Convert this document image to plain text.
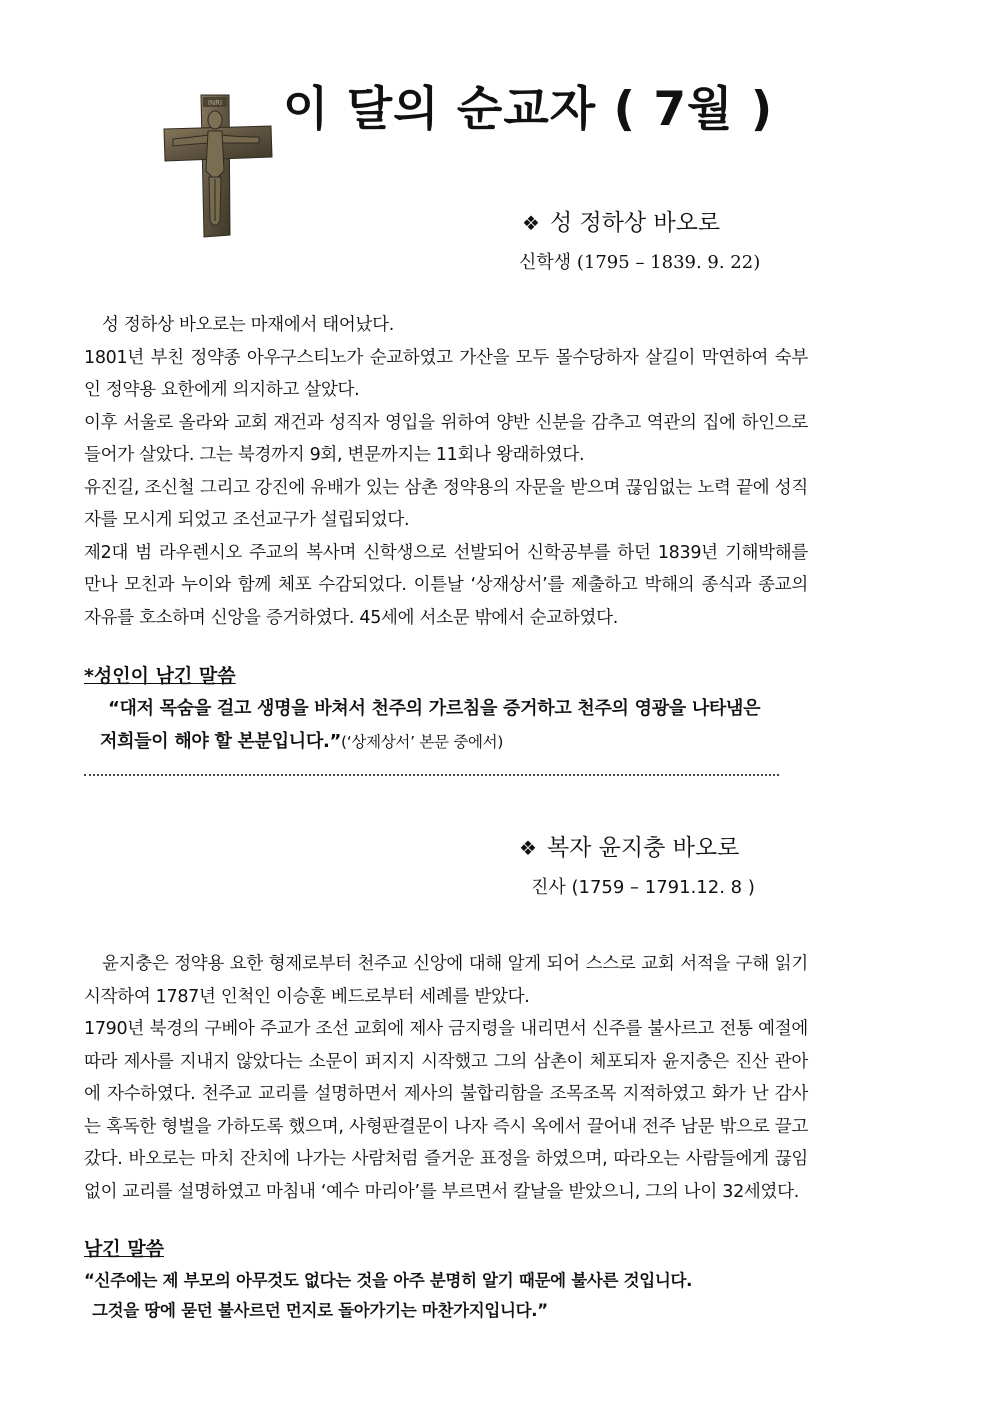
INRI 이 달의 순교자 ( 7월 )
❖ 성 정하상 바오로
신학생 (1795 – 1839. 9. 22)

성 정하상 바오로는 마재에서 태어났다.

1801년 부친 정약종 아우구스티노가 순교하였고 가산을 모두 몰수당하자 살길이 막연하여 숙부인 정약용 요한에게 의지하고 살았다.

이후 서울로 올라와 교회 재건과 성직자 영입을 위하여 양반 신분을 감추고 역관의 집에 하인으로 들어가 살았다. 그는 북경까지 9회, 변문까지는 11회나 왕래하였다.

유진길, 조신철 그리고 강진에 유배가 있는 삼촌 정약용의 자문을 받으며 끊임없는 노력 끝에 성직자를 모시게 되었고 조선교구가 설립되었다.

제2대 범 라우렌시오 주교의 복사며 신학생으로 선발되어 신학공부를 하던 1839년 기해박해를 만나 모친과 누이와 함께 체포 수감되었다. 이튿날 ‘상재상서’를 제출하고 박해의 종식과 종교의 자유를 호소하며 신앙을 증거하였다. 45세에 서소문 밖에서 순교하였다.

*성인이 남긴 말씀
“대저 목숨을 걸고 생명을 바쳐서 천주의 가르침을 증거하고 천주의 영광을 나타냄은
저희들이 해야 할 본분입니다.”(‘상제상서’ 본문 중에서)
❖ 복자 윤지충 바오로
진사 (1759 – 1791.12. 8 )

윤지충은 정약용 요한 형제로부터 천주교 신앙에 대해 알게 되어 스스로 교회 서적을 구해 읽기 시작하여 1787년 인척인 이승훈 베드로부터 세례를 받았다.

1790년 북경의 구베아 주교가 조선 교회에 제사 금지령을 내리면서 신주를 불사르고 전통 예절에 따라 제사를 지내지 않았다는 소문이 퍼지지 시작했고 그의 삼촌이 체포되자 윤지충은 진산 관아에 자수하였다. 천주교 교리를 설명하면서 제사의 불합리함을 조목조목 지적하였고 화가 난 감사는 혹독한 형벌을 가하도록 했으며, 사형판결문이 나자 즉시 옥에서 끌어내 전주 남문 밖으로 끌고 갔다. 바오로는 마치 잔치에 나가는 사람처럼 즐거운 표정을 하였으며, 따라오는 사람들에게 끊임없이 교리를 설명하였고 마침내 ‘예수 마리아’를 부르면서 칼날을 받았으니, 그의 나이 32세였다.

남긴 말씀
“신주에는 제 부모의 아무것도 없다는 것을 아주 분명히 알기 때문에 불사른 것입니다.
그것을 땅에 묻던 불사르던 먼지로 돌아가기는 마찬가지입니다.”
